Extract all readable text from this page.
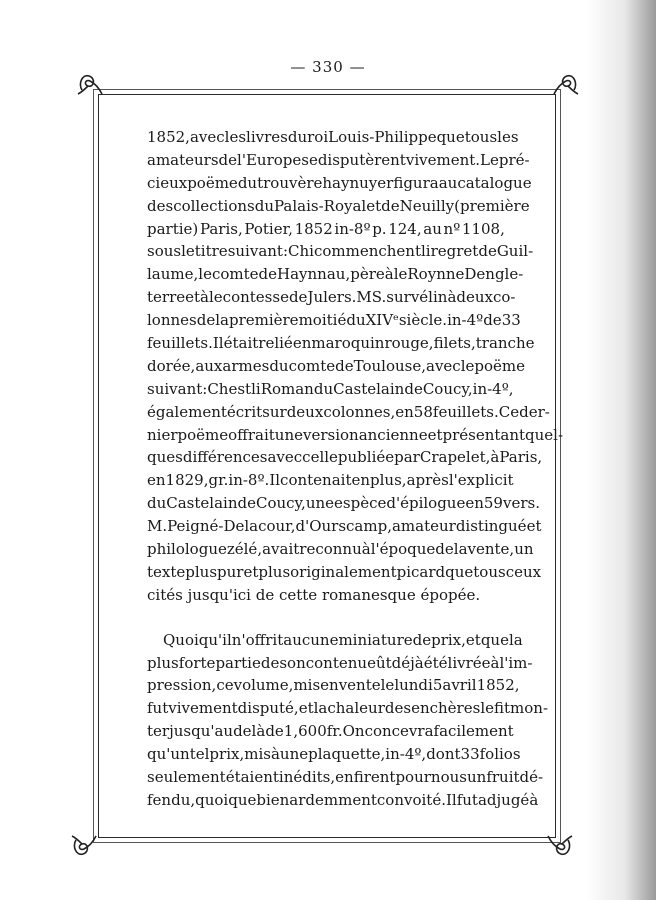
— 330 —
1852, avec les livres du roi Louis-Philippe que tous les
amateurs de l'Europe se disputèrent vivement. Le pré-
cieux poëme du trouvère haynuyer figura au catalogue
des collections du Palais-Royal et de Neuilly (première
partie) Paris, Potier, 1852 in-8º p. 124, au nº 1108,
sous le titre suivant : Chi commenchent li regret de Guil-
laume, le comte de Haynnau, père à le Roynne Dengle-
terre et à le contesse de Julers. MS. sur vélin à deux co-
lonnes de la première moitié du XIVᵉ siècle. in-4º de 33
feuillets. Il était relié en maroquin rouge, filets, tranche
dorée, aux armes du comte de Toulouse, avec le poëme
suivant : Chest li Roman du Castelain de Coucy, in-4º,
également écrit sur deux colonnes, en 58 feuillets. Ce der-
nier poëme offrait une version ancienne et présentant quel-
ques différences avec celle publiée par Crapelet, à Paris,
en 1829, gr. in-8º. Il contenait en plus, après l'explicit
du Castelain de Coucy, une espèce d'épilogue en 59 vers.
M. Peigné-Delacour, d'Ourscamp, amateur distingué et
philologue zélé, avait reconnu à l'époque de la vente, un
texte plus pur et plus originalement picard que tous ceux
cités jusqu'ici de cette romanesque épopée.
Quoiqu'il n'offrit aucune miniature de prix, et que la
plus forte partie de son contenu eût déjà été livrée à l'im-
pression, ce volume, mis en vente le lundi 5 avril 1852,
fut vivement disputé, et la chaleur des enchères le fit mon-
ter jusqu'au delà de 1,600 fr. On concevra facilement
qu'un tel prix, mis à une plaquette, in-4º, dont 33 folios
seulement étaient inédits, en firent pour nous un fruit dé-
fendu, quoique bien ardemment convoité. Il fut adjugé à
